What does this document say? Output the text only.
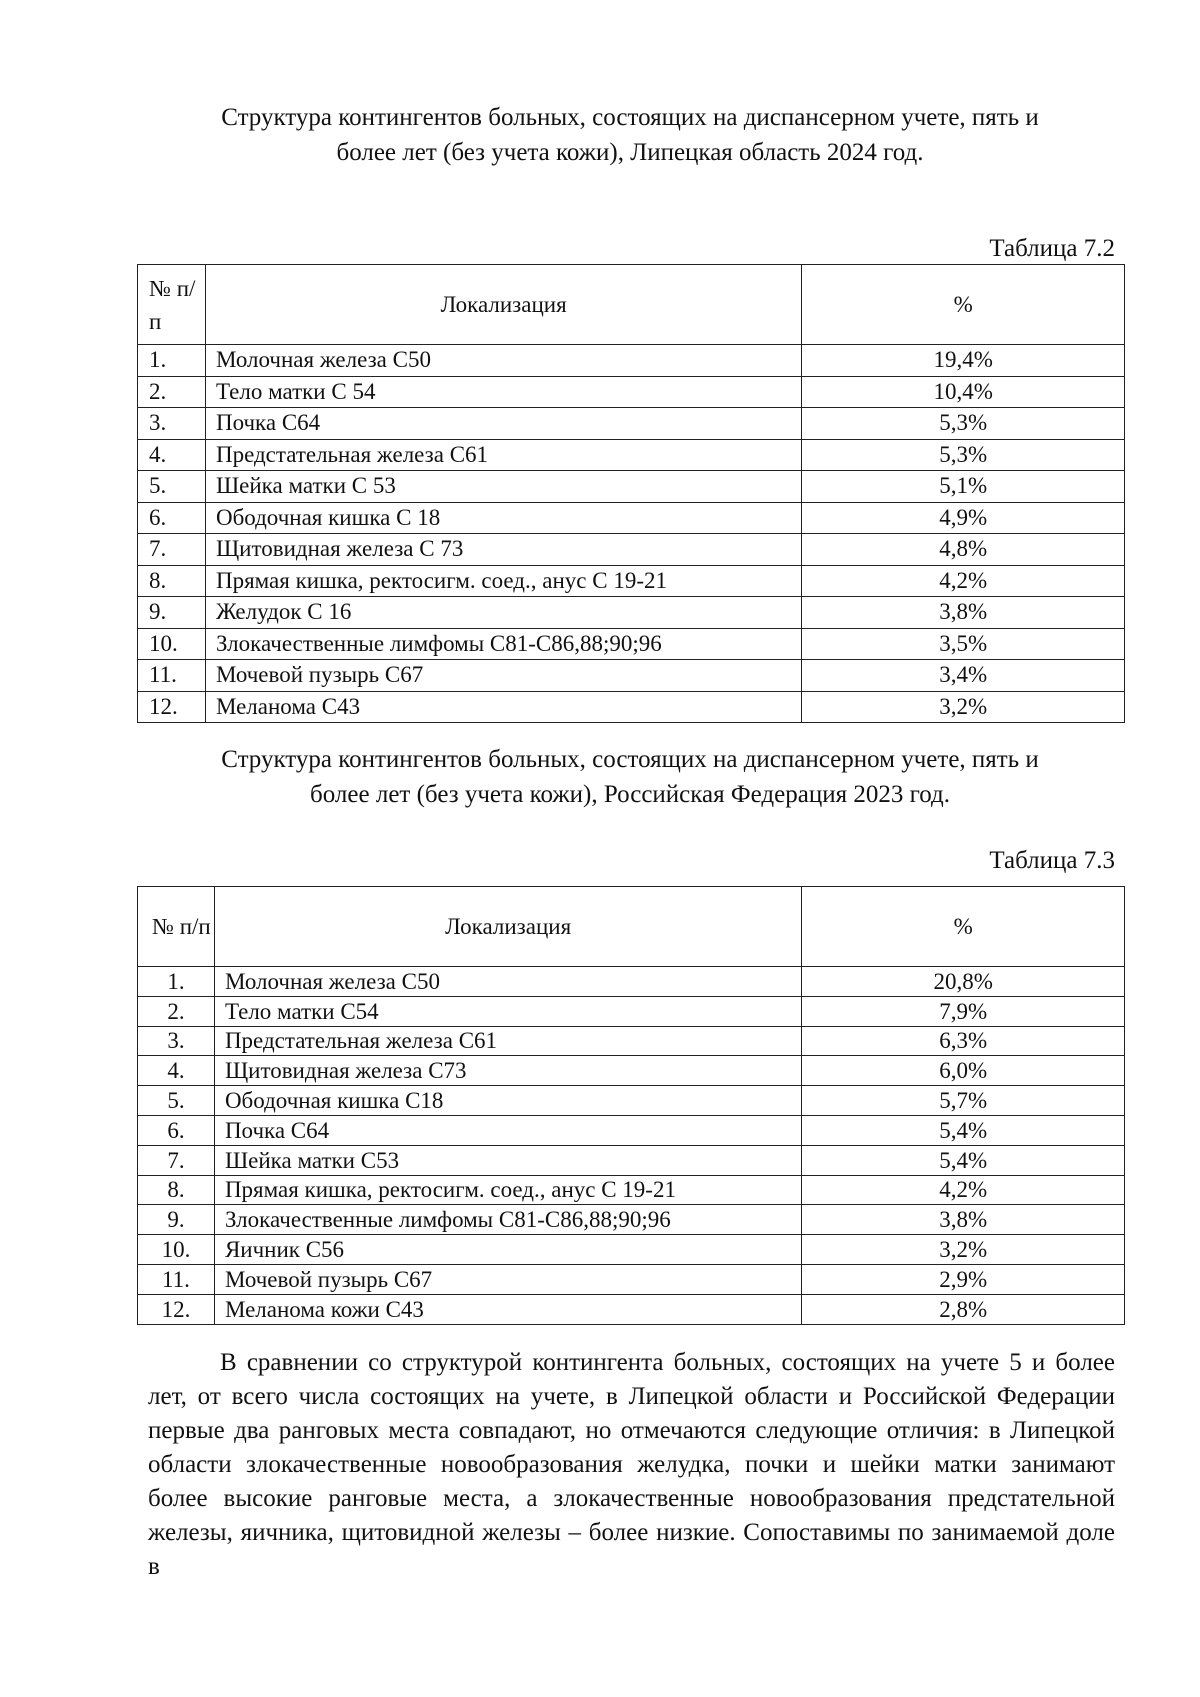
Структура контингентов больных, состоящих на диспансерном учете, пять и
более лет (без учета кожи), Липецкая область 2024 год.
Таблица 7.2
№ п/п	Локализация	%
1.	Молочная железа С50	19,4%
2.	Тело матки С 54	10,4%
3.	Почка С64	5,3%
4.	Предстательная железа С61	5,3%
5.	Шейка матки С 53	5,1%
6.	Ободочная кишка С 18	4,9%
7.	Щитовидная железа С 73	4,8%
8.	Прямая кишка, ректосигм. соед., анус С 19-21	4,2%
9.	Желудок С 16	3,8%
10.	Злокачественные лимфомы С81-С86,88;90;96	3,5%
11.	Мочевой пузырь С67	3,4%
12.	Меланома С43	3,2%
Структура контингентов больных, состоящих на диспансерном учете, пять и
более лет (без учета кожи), Российская Федерация 2023 год.
Таблица 7.3
№ п/п	Локализация	%
1.	Молочная железа С50	20,8%
2.	Тело матки С54	7,9%
3.	Предстательная железа С61	6,3%
4.	Щитовидная железа С73	6,0%
5.	Ободочная кишка С18	5,7%
6.	Почка С64	5,4%
7.	Шейка матки С53	5,4%
8.	Прямая кишка, ректосигм. соед., анус С 19-21	4,2%
9.	Злокачественные лимфомы С81-С86,88;90;96	3,8%
10.	Яичник С56	3,2%
11.	Мочевой пузырь С67	2,9%
12.	Меланома кожи С43	2,8%
В сравнении со структурой контингента больных, состоящих на учете 5 и более лет, от всего числа состоящих на учете, в Липецкой области и Российской Федерации первые два ранговых места совпадают, но отмечаются следующие отличия: в Липецкой области злокачественные новообразования желудка, почки и шейки матки занимают более высокие ранговые места, а злокачественные новообразования предстательной железы, яичника, щитовидной железы – более низкие. Сопоставимы по занимаемой доле в
